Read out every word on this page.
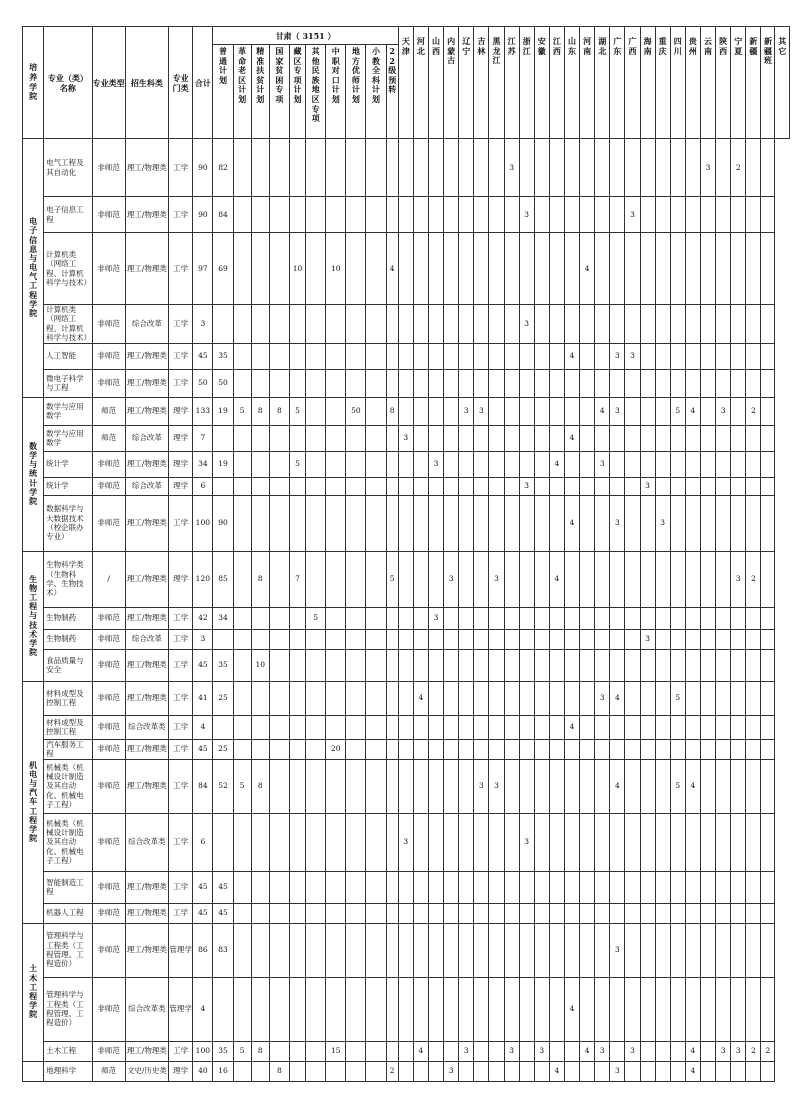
培养学院	专业（类）名称	专业类型	招生科类	专业门类	合计	甘肃（ 3151 ）										天津	河北	山西	内蒙古	辽宁	吉林	黑龙江	江苏	浙江	安徽	江西	山东	河南	湖北	广东	广西	海南	重庆	四川	贵州	云南	陕西	宁夏	新疆	新疆班	其它
						普通计划	革命老区计划	精准扶贫计划	国家贫困专项	藏区专项计划	其他民族地区专项	中职对口计划	地方优师计划	小教全科计划	22级预转																										
电子信息与电气工程学院	电气工程及其自动化	非师范	理工/物理类	工学	90	82																	3													3		2			
	电子信息工程	非师范	理工/物理类	工学	90	84																		3							3										
	计算机类（网络工程、计算机科学与技术）	非师范	理工/物理类	工学	97	69				10		10			4													4													
	计算机类（网络工程、计算机科学与技术）	非师范	综合改革	工学	3																			3																	
	人工智能	非师范	理工/物理类	工学	45	35																					4			3	3										
	微电子科学与工程	非师范	理工/物理类	工学	50	50																																			
数学与统计学院	数学与应用数学	师范	理工/物理类	理学	133	19	5	8	8	5			50		8					3	3								4	3				5	4		3		2		
	数学与应用数学	师范	综合改革	理学	7											3											4														
	统计学	非师范	理工/物理类	理学	34	19				5								3								4			3												
	统计学	非师范	综合改革	理学	6																			3								3									
	数据科学与大数据技术（校企联办专业）	非师范	理工/物理类	工学	100	90																					4			3			3								
生物工程与技术学院	生物科学类（生物科学、生物技术）	/	理工/物理类	理学	120	85		8		7					5				3			3				4												3	2		
	生物制药	非师范	理工/物理类	工学	42	34					5							3																							
	生物制药	非师范	综合改革	工学	3																											3									
	食品质量与安全	非师范	理工/物理类	工学	45	35		10																																	
机电与汽车工程学院	材料成型及控制工程	非师范	理工/物理类	工学	41	25											4												3	4				5							
	材料成型及控制工程	非师范	综合改革类	工学	4																						4														
	汽车服务工程	非师范	理工/物理类	工学	45	25						20																													
	机械类（机械设计制造及其自动化、机械电子工程）	非师范	理工/物理类	工学	84	52	5	8													3	3								4				5	4						
	机械类（机械设计制造及其自动化、机械电子工程）	非师范	综合改革类	工学	6											3								3																	
	智能制造工程	非师范	理工/物理类	工学	45	45																																			
	机器人工程	非师范	理工/物理类	工学	45	45																																			
土木工程学院	管理科学与工程类（工程管理、工程造价）	非师范	理工/物理类	管理学	86	83																								3											
	管理科学与工程类（工程管理、工程造价）	非师范	综合改革类	管理学	4																						4														
	土木工程	非师范	理工/物理类	工学	100	35	5	8				15					4			3			3		3			4	3		3				4		3	3	2	2	
	地理科学	师范	文史/历史类	理学	40	16			8						2				3							4				3					4						
